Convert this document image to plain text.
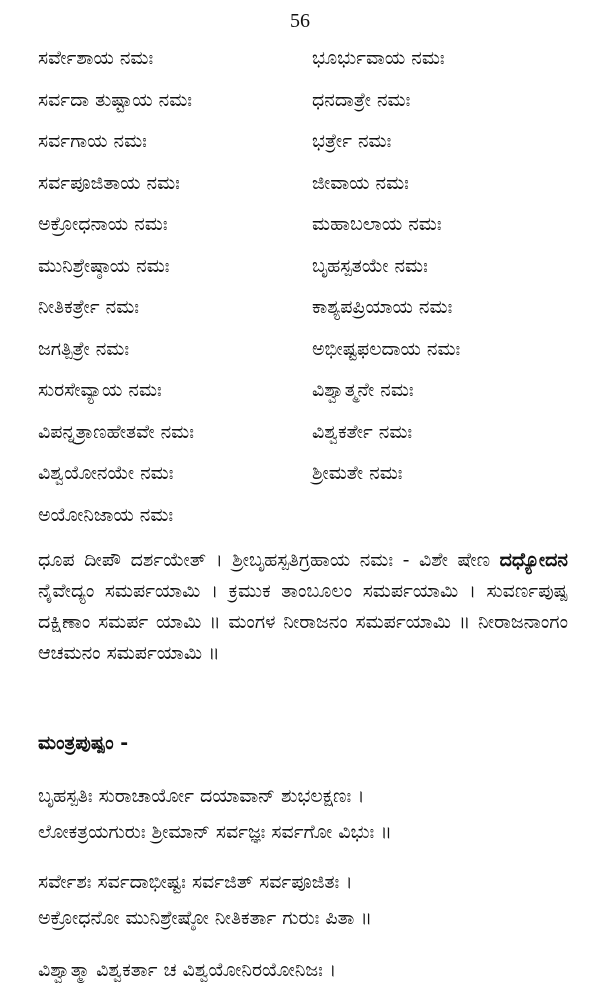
56
ಸರ್ವೇಶಾಯ ನಮಃ	ಭೂರ್ಭುವಾಯ ನಮಃ
ಸರ್ವದಾ ತುಷ್ಟಾಯ ನಮಃ	ಧನದಾತ್ರೇ ನಮಃ
ಸರ್ವಗಾಯ ನಮಃ	ಭರ್ತ್ರೇ ನಮಃ
ಸರ್ವಪೂಜಿತಾಯ ನಮಃ	ಜೀವಾಯ ನಮಃ
ಅಕ್ರೋಧನಾಯ ನಮಃ	ಮಹಾಬಲಾಯ ನಮಃ
ಮುನಿಶ್ರೇಷ್ಠಾಯ ನಮಃ	ಬೃಹಸ್ಪತಯೇ ನಮಃ
ನೀತಿಕರ್ತ್ರೇ ನಮಃ	ಕಾಶ್ಯಪಪ್ರಿಯಾಯ ನಮಃ
ಜಗತ್ಪಿತ್ರೇ ನಮಃ	ಅಭೀಷ್ಟಫಲದಾಯ ನಮಃ
ಸುರಸೇವ್ಯಾಯ ನಮಃ	ವಿಶ್ವಾತ್ಮನೇ ನಮಃ
ವಿಪನ್ನತ್ರಾಣಹೇತವೇ ನಮಃ	ವಿಶ್ವಕರ್ತೇ ನಮಃ
ವಿಶ್ವಯೋನಯೇ ನಮಃ	ಶ್ರೀಮತೇ ನಮಃ
ಅಯೋನಿಜಾಯ ನಮಃ

ಧೂಪ ದೀಪೌ ದರ್ಶಯೇತ್ । ಶ್ರೀಬೃಹಸ್ಪತಿಗ್ರಹಾಯ ನಮಃ - ವಿಶೇ ಷೇಣ ದಧ್ಯೋದನ ನೈವೇದ್ಯಂ ಸಮರ್ಪಯಾಮಿ । ಕ್ರಮುಕ ತಾಂಬೂಲಂ ಸಮರ್ಪಯಾಮಿ । ಸುವರ್ಣಪುಷ್ಪ ದಕ್ಷಿಣಾಂ ಸಮರ್ಪ ಯಾಮಿ ॥ ಮಂಗಳ ನೀರಾಜನಂ ಸಮರ್ಪಯಾಮಿ ॥ ನೀರಾಜನಾಂಗಂ ಆಚಮನಂ ಸಮರ್ಪಯಾಮಿ ॥

ಮಂತ್ರಪುಷ್ಪಂ -
ಬೃಹಸ್ಪತಿಃ ಸುರಾಚಾರ್ಯೋ ದಯಾವಾನ್ ಶುಭಲಕ್ಷಣಃ ।
ಲೋಕತ್ರಯಗುರುಃ ಶ್ರೀಮಾನ್ ಸರ್ವಜ್ಞಃ ಸರ್ವಗೋ ವಿಭುಃ ॥
ಸರ್ವೇಶಃ ಸರ್ವದಾಭೀಷ್ಟಃ ಸರ್ವಜಿತ್ ಸರ್ವಪೂಜಿತಃ ।
ಅಕ್ರೋಧನೋ ಮುನಿಶ್ರೇಷ್ಠೋ ನೀತಿಕರ್ತಾ ಗುರುಃ ಪಿತಾ ॥
ವಿಶ್ವಾತ್ಮಾ ವಿಶ್ವಕರ್ತಾ ಚ ವಿಶ್ವಯೋನಿರಯೋನಿಜಃ ।
